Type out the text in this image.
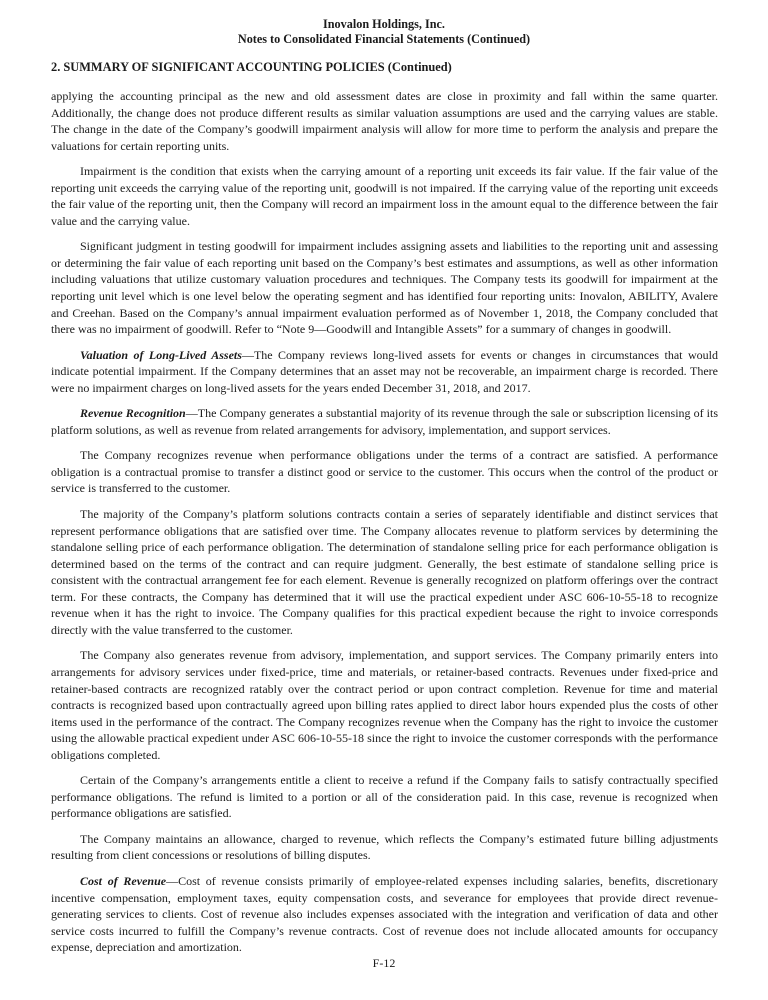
Inovalon Holdings, Inc.
Notes to Consolidated Financial Statements (Continued)
2. SUMMARY OF SIGNIFICANT ACCOUNTING POLICIES (Continued)

applying the accounting principal as the new and old assessment dates are close in proximity and fall within the same quarter. Additionally, the change does not produce different results as similar valuation assumptions are used and the carrying values are stable. The change in the date of the Company’s goodwill impairment analysis will allow for more time to perform the analysis and prepare the valuations for certain reporting units.

Impairment is the condition that exists when the carrying amount of a reporting unit exceeds its fair value. If the fair value of the reporting unit exceeds the carrying value of the reporting unit, goodwill is not impaired. If the carrying value of the reporting unit exceeds the fair value of the reporting unit, then the Company will record an impairment loss in the amount equal to the difference between the fair value and the carrying value.

Significant judgment in testing goodwill for impairment includes assigning assets and liabilities to the reporting unit and assessing or determining the fair value of each reporting unit based on the Company’s best estimates and assumptions, as well as other information including valuations that utilize customary valuation procedures and techniques. The Company tests its goodwill for impairment at the reporting unit level which is one level below the operating segment and has identified four reporting units: Inovalon, ABILITY, Avalere and Creehan. Based on the Company’s annual impairment evaluation performed as of November 1, 2018, the Company concluded that there was no impairment of goodwill. Refer to “Note 9—Goodwill and Intangible Assets” for a summary of changes in goodwill.

Valuation of Long-Lived Assets—The Company reviews long-lived assets for events or changes in circumstances that would indicate potential impairment. If the Company determines that an asset may not be recoverable, an impairment charge is recorded. There were no impairment charges on long-lived assets for the years ended December 31, 2018, and 2017.

Revenue Recognition—The Company generates a substantial majority of its revenue through the sale or subscription licensing of its platform solutions, as well as revenue from related arrangements for advisory, implementation, and support services.

The Company recognizes revenue when performance obligations under the terms of a contract are satisfied. A performance obligation is a contractual promise to transfer a distinct good or service to the customer. This occurs when the control of the product or service is transferred to the customer.

The majority of the Company’s platform solutions contracts contain a series of separately identifiable and distinct services that represent performance obligations that are satisfied over time. The Company allocates revenue to platform services by determining the standalone selling price of each performance obligation. The determination of standalone selling price for each performance obligation is determined based on the terms of the contract and can require judgment. Generally, the best estimate of standalone selling price is consistent with the contractual arrangement fee for each element. Revenue is generally recognized on platform offerings over the contract term. For these contracts, the Company has determined that it will use the practical expedient under ASC 606-10-55-18 to recognize revenue when it has the right to invoice. The Company qualifies for this practical expedient because the right to invoice corresponds directly with the value transferred to the customer.

The Company also generates revenue from advisory, implementation, and support services. The Company primarily enters into arrangements for advisory services under fixed-price, time and materials, or retainer-based contracts. Revenues under fixed-price and retainer-based contracts are recognized ratably over the contract period or upon contract completion. Revenue for time and material contracts is recognized based upon contractually agreed upon billing rates applied to direct labor hours expended plus the costs of other items used in the performance of the contract. The Company recognizes revenue when the Company has the right to invoice the customer using the allowable practical expedient under ASC 606-10-55-18 since the right to invoice the customer corresponds with the performance obligations completed.

Certain of the Company’s arrangements entitle a client to receive a refund if the Company fails to satisfy contractually specified performance obligations. The refund is limited to a portion or all of the consideration paid. In this case, revenue is recognized when performance obligations are satisfied.

The Company maintains an allowance, charged to revenue, which reflects the Company’s estimated future billing adjustments resulting from client concessions or resolutions of billing disputes.

Cost of Revenue—Cost of revenue consists primarily of employee-related expenses including salaries, benefits, discretionary incentive compensation, employment taxes, equity compensation costs, and severance for employees that provide direct revenue-generating services to clients. Cost of revenue also includes expenses associated with the integration and verification of data and other service costs incurred to fulfill the Company’s revenue contracts. Cost of revenue does not include allocated amounts for occupancy expense, depreciation and amortization.

F-12
